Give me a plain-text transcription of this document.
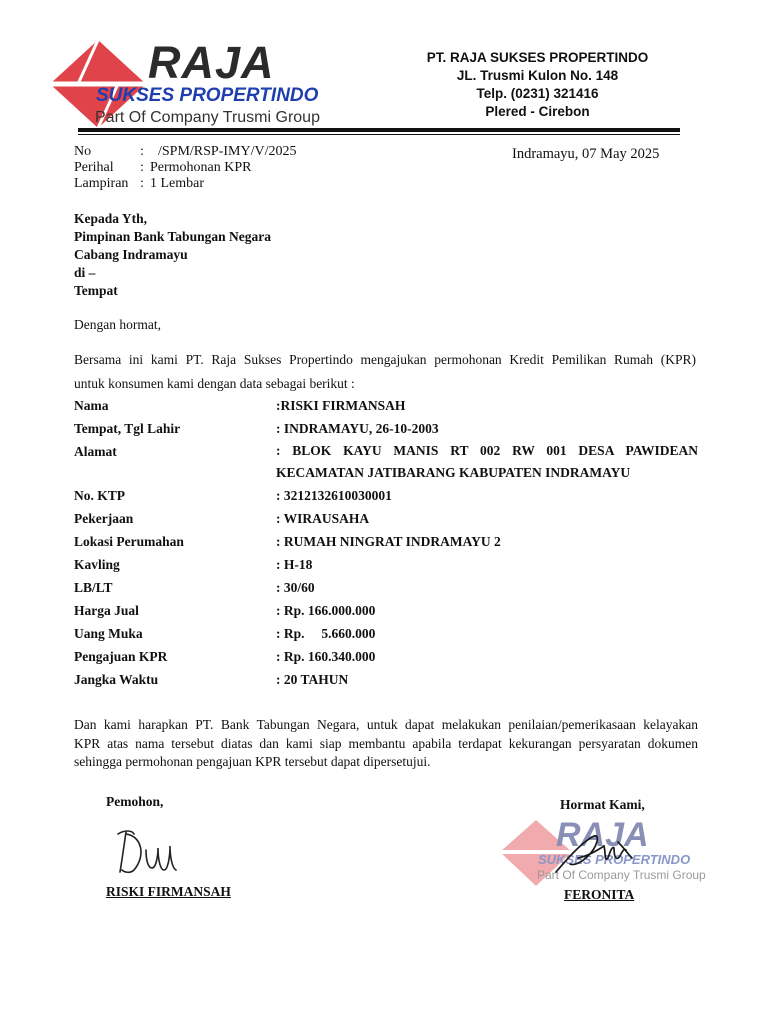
RAJA
SUKSES PROPERTINDO
Part Of Company Trusmi Group
PT. RAJA SUKSES PROPERTINDO
JL. Trusmi Kulon No. 148
Telp. (0231) 321416
Plered - Cirebon
No	:	/SPM/RSP-IMY/V/2025
Perihal	: Permohonan KPR
Lampiran : 1 Lembar
Indramayu, 07 May 2025
Kepada Yth,
Pimpinan Bank Tabungan Negara
Cabang Indramayu
di –
Tempat
Dengan hormat,
Bersama ini kami PT. Raja Sukses Propertindo mengajukan permohonan Kredit Pemilikan Rumah (KPR)
untuk konsumen kami dengan data sebagai berikut :
Nama	:RISKI FIRMANSAH
Tempat, Tgl Lahir	: INDRAMAYU, 26-10-2003
Alamat	: BLOK KAYU MANIS RT 002 RW 001 DESA PAWIDEAN KECAMATAN JATIBARANG KABUPATEN INDRAMAYU
No. KTP	: 3212132610030001
Pekerjaan	: WIRAUSAHA
Lokasi Perumahan	: RUMAH NINGRAT INDRAMAYU 2
Kavling	: H-18
LB/LT	: 30/60
Harga Jual	: Rp. 166.000.000
Uang Muka	: Rp.     5.660.000
Pengajuan KPR	: Rp. 160.340.000
Jangka Waktu	: 20 TAHUN
Dan kami harapkan PT. Bank Tabungan Negara, untuk dapat melakukan penilaian/pemerikasaan kelayakan
KPR atas nama tersebut diatas dan kami siap membantu apabila terdapat kekurangan persyaratan dokumen
sehingga permohonan pengajuan KPR tersebut dapat dipersetujui.
Pemohon,	Hormat Kami,
RISKI FIRMANSAH
RAJA
SUKSES PROPERTINDO
Part Of Company Trusmi Group
FERONITA
